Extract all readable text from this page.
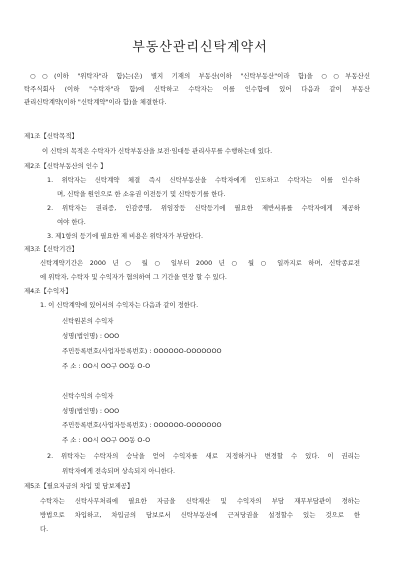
부동산관리신탁계약서
○○(이하 "위탁자"라 함)는(은) 별지 기재의 부동산(이하 "신탁부동산"이라 함)을 ○○부동산신
탁주식회사 (이하 "수탁자"라 함)에 신탁하고 수탁자는 이를 인수함에 있어 다음과 같이 부동산
관리신탁계약(이하 "신탁계약"이라 함)을 체결한다.
제1조【신탁목적】
이 신탁의 목적은 수탁자가 신탁부동산을 보전·임대등 관리사무를 수행하는데 있다.
제2조【신탁부동산의 인수 】
1. 위탁자는 신탁계약 체결 즉시 신탁부동산을 수탁자에게 인도하고 수탁자는 이를 인수하
며, 신탁을 원인으로 한 소유권 이전등기 및 신탁등기를 한다.
2. 위탁자는 권리증, 인감증명, 위임장등 신탁등기에 필요한 제반서류를 수탁자에게 제공하
여야 한다.
3. 제1항의 등기에 필요한 제 비용은 위탁자가 부담한다.
제3조【신탁기간】
신탁계약기간은 2000 년 ○ 월 ○ 일부터 2000 년 ○ 월 ○ 일까지로 하며, 신탁종료전
에 위탁자, 수탁자 및 수익자가 협의하여 그 기간을 연장 할 수 있다.
제4조【수익자】
1. 이 신탁계약에 있어서의 수익자는 다음과 같이 정한다.
신탁원본의 수익자
성명(법인명) : OOO
주민등록번호(사업자등록번호) : OOOOOO-OOOOOOO
주 소 : OO시 OO구 OO동 O-O
신탁수익의 수익자
성명(법인명) : OOO
주민등록번호(사업자등록번호) : OOOOOO-OOOOOOO
주 소 : OO시 OO구 OO동 O-O
2. 위탁자는 수탁자의 승낙을 얻어 수익자를 새로 지정하거나 변경할 수 있다. 이 권리는
위탁자에게 전속되며 상속되지 아니한다.
제5조【필요자금의 차입 및 담보제공】
수탁자는 신탁사무처리에 필요한 자금을 신탁재산 및 수익자의 부담 재무부담관이 경하는
방법으로 차입하고, 차입금의 담보로서 신탁부동산에 근저당권을 설정할수 있는 것으로 한
다.
